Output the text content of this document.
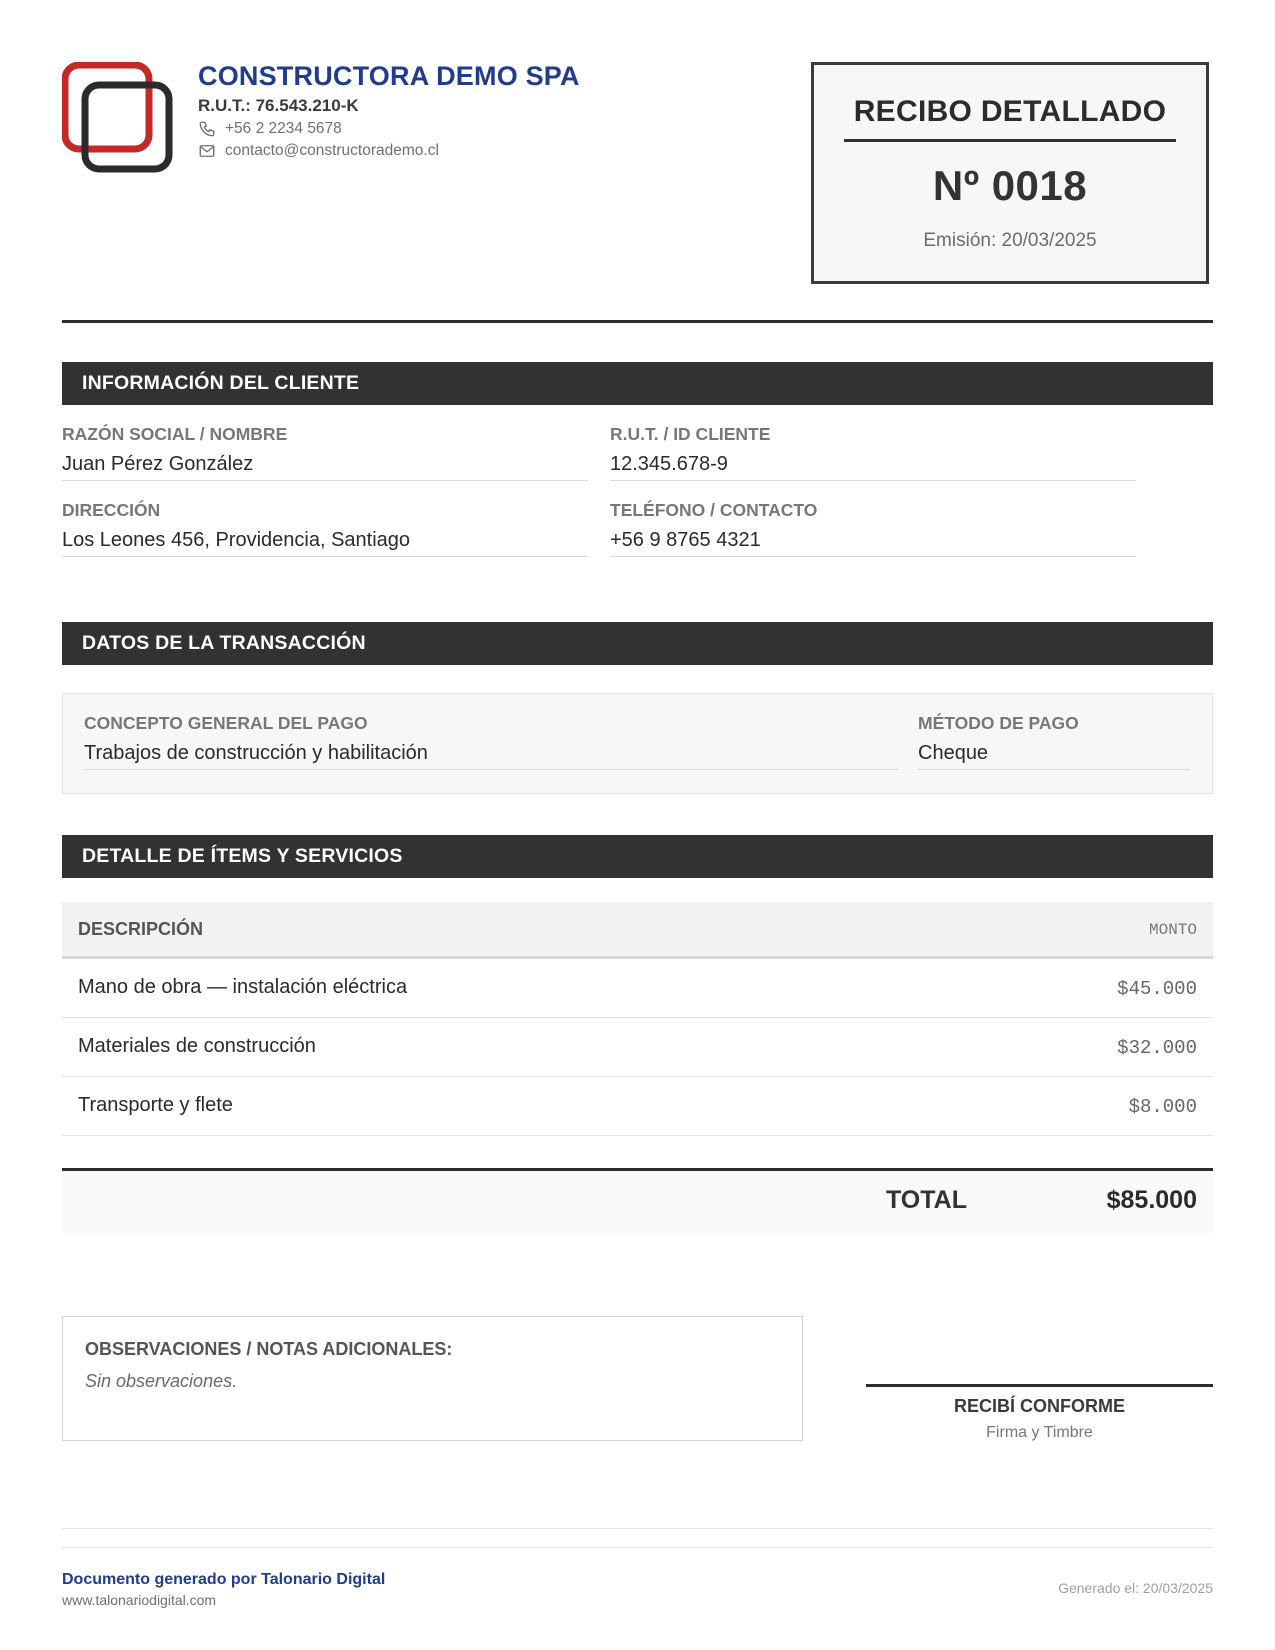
CONSTRUCTORA DEMO SPA
R.U.T.: 76.543.210-K
+56 2 2234 5678
contacto@constructorademo.cl
RECIBO DETALLADO
Nº 0018
Emisión: 20/03/2025
INFORMACIÓN DEL CLIENTE
RAZÓN SOCIAL / NOMBRE
Juan Pérez González
R.U.T. / ID CLIENTE
12.345.678-9
DIRECCIÓN
Los Leones 456, Providencia, Santiago
TELÉFONO / CONTACTO
+56 9 8765 4321
DATOS DE LA TRANSACCIÓN
CONCEPTO GENERAL DEL PAGO
Trabajos de construcción y habilitación
MÉTODO DE PAGO
Cheque
DETALLE DE ÍTEMS Y SERVICIOS
DESCRIPCIÓN	MONTO
Mano de obra — instalación eléctrica	$45.000
Materiales de construcción	$32.000
Transporte y flete	$8.000
TOTAL	$85.000
OBSERVACIONES / NOTAS ADICIONALES:
Sin observaciones.
RECIBÍ CONFORME
Firma y Timbre
Documento generado por Talonario Digital
www.talonariodigital.com
Generado el: 20/03/2025
